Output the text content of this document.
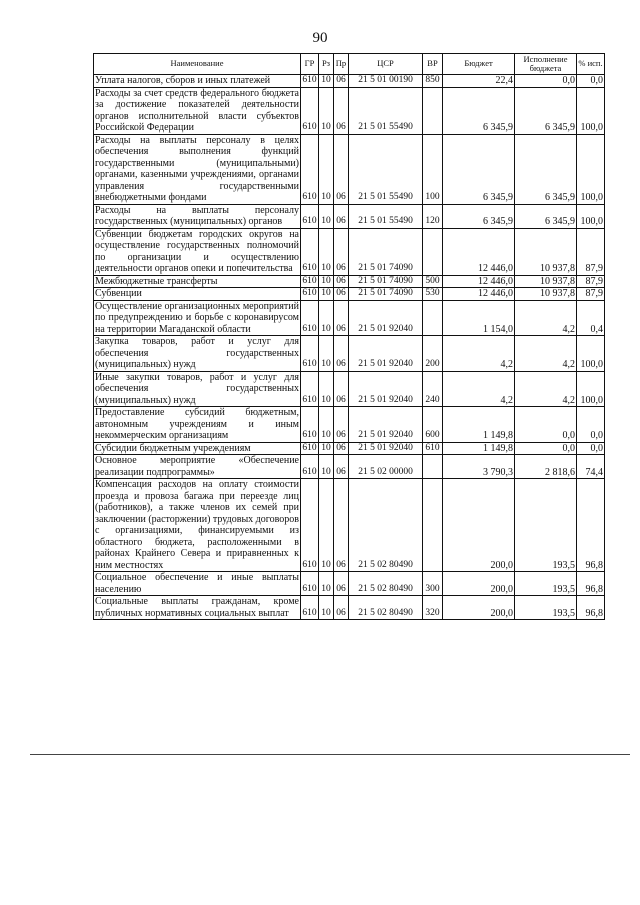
90
Наименование	ГР	Рз	Пр	ЦСР	ВР	Бюджет	Исполнение бюджета	% исп.
Уплата налогов, сборов и иных платежей	610	10	06	21 5 01 00190	850	22,4	0,0	0,0
Расходы за счет средств федерального бюджета за достижение показателей деятельности органов исполнительной власти субъектов Российской Федерации	610	10	06	21 5 01 55490		6 345,9	6 345,9	100,0
Расходы на выплаты персоналу в целях обеспечения выполнения функций государственными (муниципальными) органами, казенными учреждениями, органами управления государственными внебюджетными фондами	610	10	06	21 5 01 55490	100	6 345,9	6 345,9	100,0
Расходы на выплаты персоналу государственных (муниципальных) органов	610	10	06	21 5 01 55490	120	6 345,9	6 345,9	100,0
Субвенции бюджетам городских округов на осуществление государственных полномочий по организации и осуществлению деятельности органов опеки и попечительства	610	10	06	21 5 01 74090		12 446,0	10 937,8	87,9
Межбюджетные трансферты	610	10	06	21 5 01 74090	500	12 446,0	10 937,8	87,9
Субвенции	610	10	06	21 5 01 74090	530	12 446,0	10 937,8	87,9
Осуществление организационных мероприятий по предупреждению и борьбе с коронавирусом на территории Магаданской области	610	10	06	21 5 01 92040		1 154,0	4,2	0,4
Закупка товаров, работ и услуг для обеспечения государственных (муниципальных) нужд	610	10	06	21 5 01 92040	200	4,2	4,2	100,0
Иные закупки товаров, работ и услуг для обеспечения государственных (муниципальных) нужд	610	10	06	21 5 01 92040	240	4,2	4,2	100,0
Предоставление субсидий бюджетным, автономным учреждениям и иным некоммерческим организациям	610	10	06	21 5 01 92040	600	1 149,8	0,0	0,0
Субсидии бюджетным учреждениям	610	10	06	21 5 01 92040	610	1 149,8	0,0	0,0
Основное мероприятие «Обеспечение реализации подпрограммы»	610	10	06	21 5 02 00000		3 790,3	2 818,6	74,4
Компенсация расходов на оплату стоимости проезда и провоза багажа при переезде лиц (работников), а также членов их семей при заключении (расторжении) трудовых договоров с организациями, финансируемыми из областного бюджета, расположенными в районах Крайнего Севера и приравненных к ним местностях	610	10	06	21 5 02 80490		200,0	193,5	96,8
Социальное обеспечение и иные выплаты населению	610	10	06	21 5 02 80490	300	200,0	193,5	96,8
Социальные выплаты гражданам, кроме публичных нормативных социальных выплат	610	10	06	21 5 02 80490	320	200,0	193,5	96,8
